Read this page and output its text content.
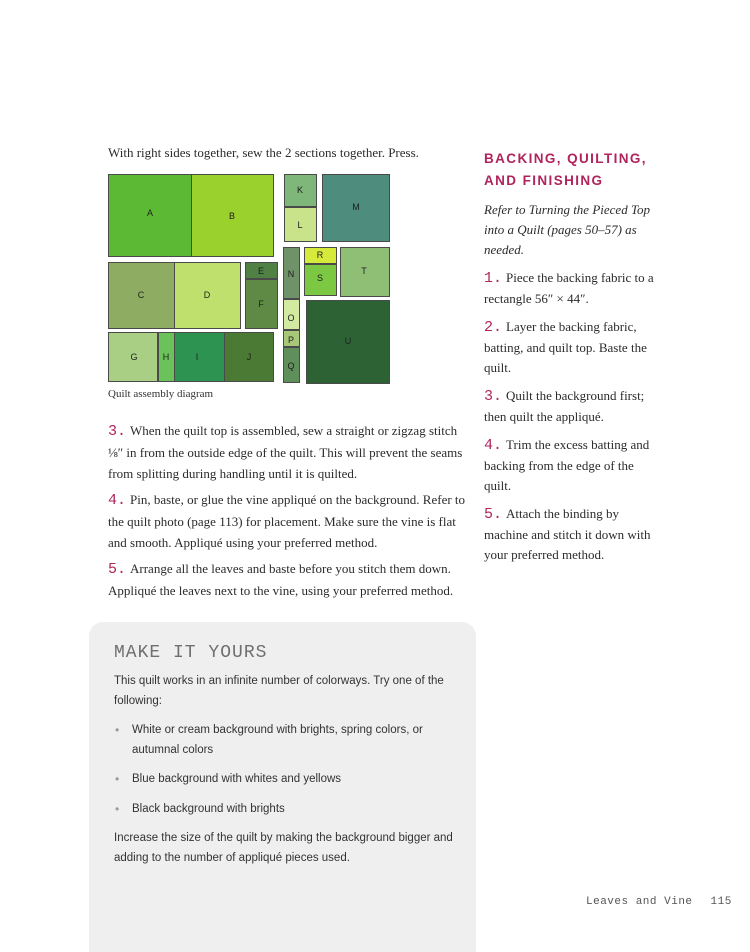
With right sides together, sew the 2 sections together. Press.

A	B
K
L
M
C	D
E
F
N
O
P
Q
R
S
T
U
G	H	I	J
Quilt assembly diagram

3. When the quilt top is assembled, sew a straight or zigzag stitch ⅛″ in from the outside edge of the quilt. This will prevent the seams from splitting during handling until it is quilted.

4. Pin, baste, or glue the vine appliqué on the background. Refer to the quilt photo (page 113) for placement. Make sure the vine is flat and smooth. Appliqué using your preferred method.

5. Arrange all the leaves and baste before you stitch them down. Appliqué the leaves next to the vine, using your preferred method.

BACKING, QUILTING,
AND FINISHING

Refer to Turning the Pieced Top into a Quilt (pages 50–57) as needed.

1. Piece the backing fabric to a rectangle 56″ × 44″.

2. Layer the backing fabric, batting, and quilt top. Baste the quilt.

3. Quilt the background first; then quilt the appliqué.

4. Trim the excess batting and backing from the edge of the quilt.

5. Attach the binding by machine and stitch it down with your preferred method.

MAKE IT YOURS

This quilt works in an infinite number of colorways. Try one of the following:

• White or cream background with brights, spring colors, or autumnal colors
• Blue background with whites and yellows
• Black background with brights

Increase the size of the quilt by making the background bigger and adding to the number of appliqué pieces used.

Leaves and Vine 115
